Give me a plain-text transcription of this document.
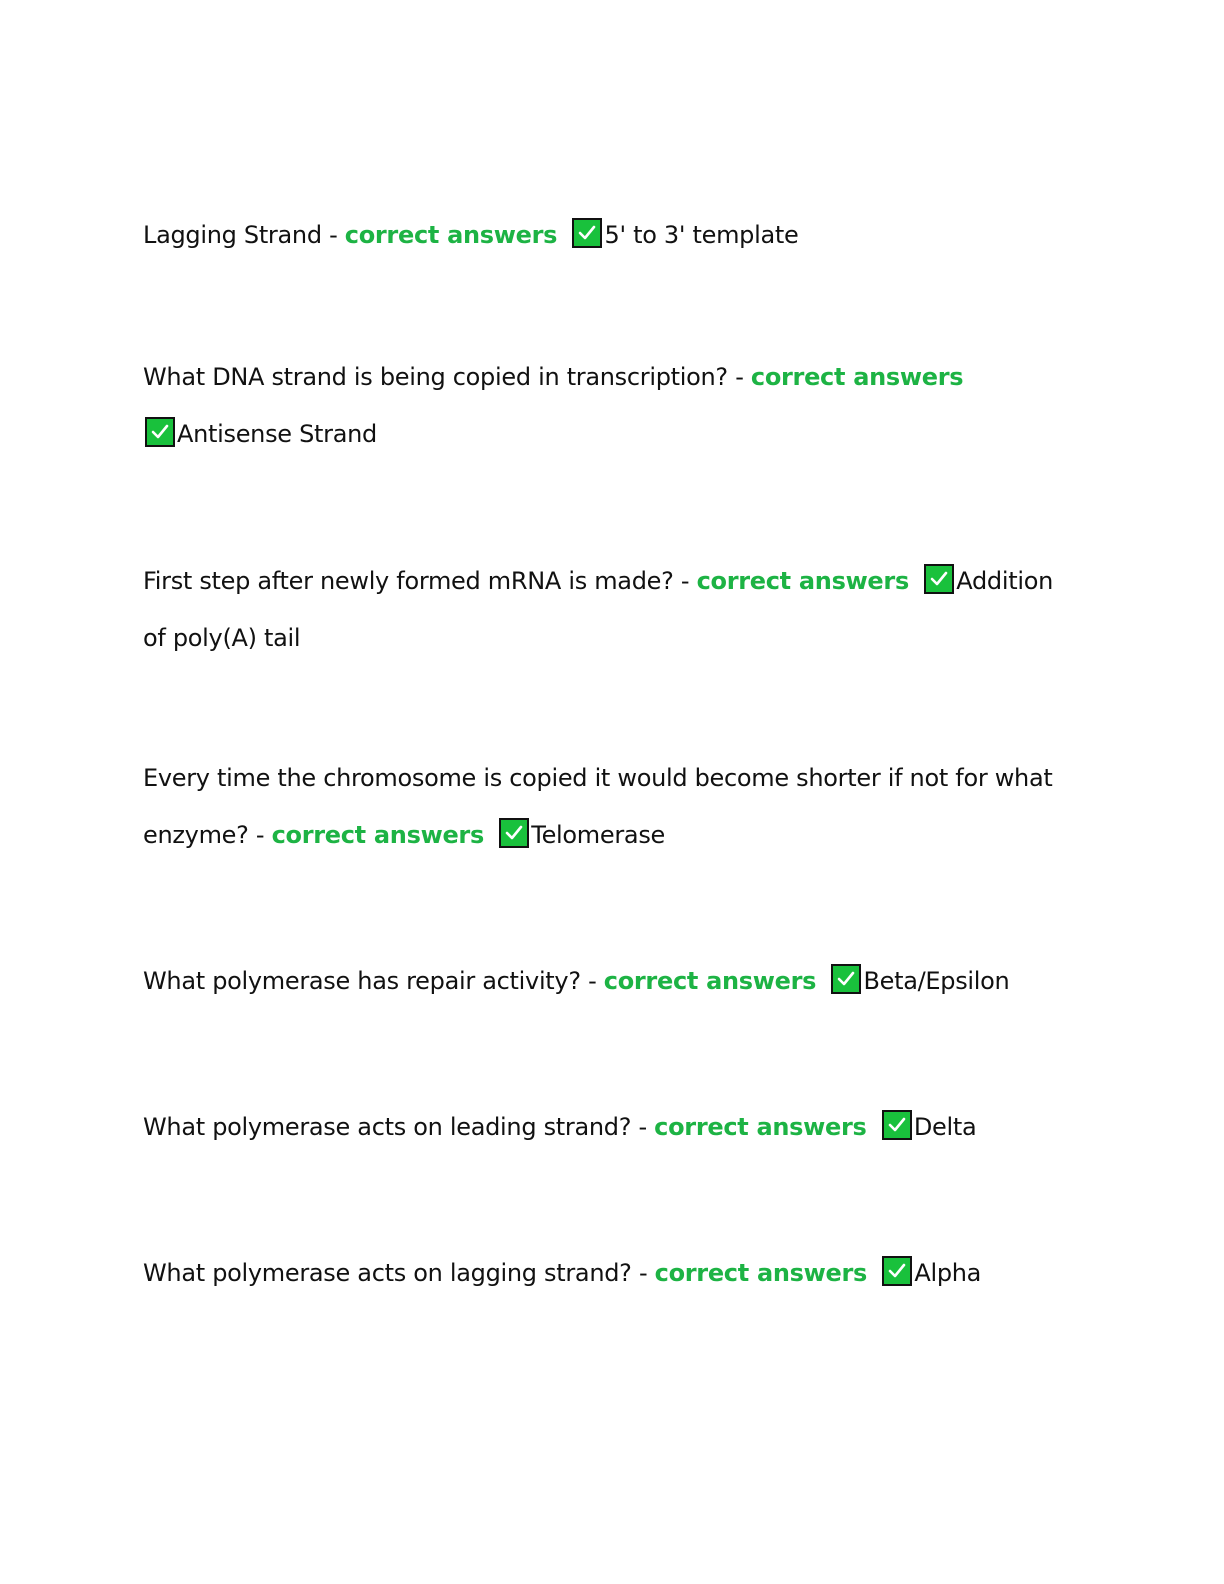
Lagging Strand - correct answers 5' to 3' template
What DNA strand is being copied in transcription? - correct answers

Antisense Strand
First step after newly formed mRNA is made? - correct answers Addition of poly(A) tail
Every time the chromosome is copied it would become shorter if not for what enzyme? - correct answers Telomerase
What polymerase has repair activity? - correct answers Beta/Epsilon
What polymerase acts on leading strand? - correct answers Delta
What polymerase acts on lagging strand? - correct answers Alpha
